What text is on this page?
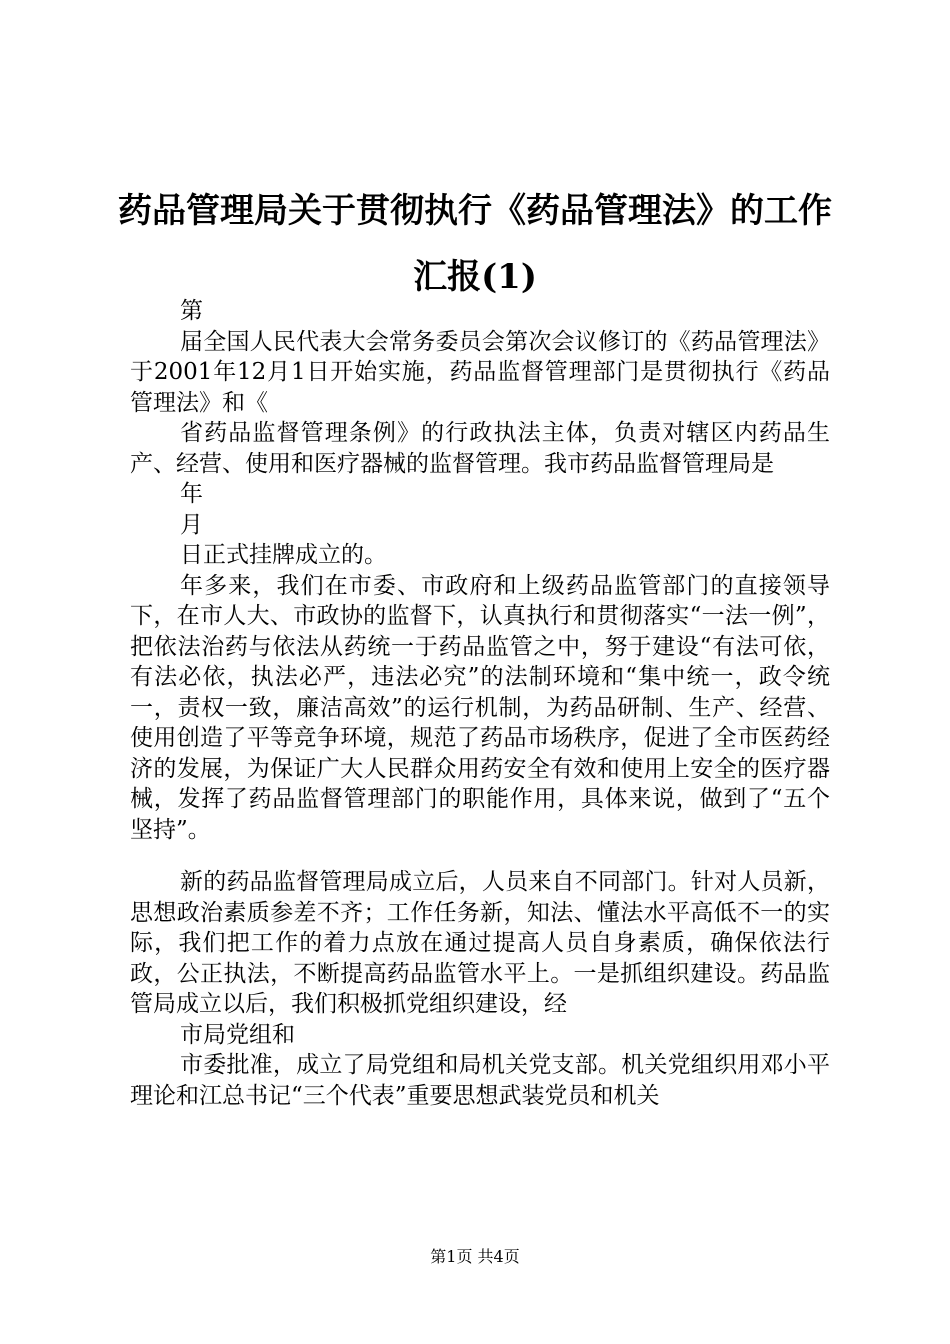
药品管理局关于贯彻执行《药品管理法》的工作汇报(1)

第

届全国人民代表大会常务委员会第次会议修订的《药品管理法》于2001年12月1日开始实施，药品监督管理部门是贯彻执行《药品管理法》和《

省药品监督管理条例》的行政执法主体，负责对辖区内药品生产、经营、使用和医疗器械的监督管理。我市药品监督管理局是

年

月

日正式挂牌成立的。

年多来，我们在市委、市政府和上级药品监管部门的直接领导下，在市人大、市政协的监督下，认真执行和贯彻落实“一法一例”，把依法治药与依法从药统一于药品监管之中，努于建设“有法可依，有法必依，执法必严，违法必究”的法制环境和“集中统一，政令统一，责权一致，廉洁高效”的运行机制，为药品研制、生产、经营、使用创造了平等竞争环境，规范了药品市场秩序，促进了全市医药经济的发展，为保证广大人民群众用药安全有效和使用上安全的医疗器械，发挥了药品监督管理部门的职能作用，具体来说，做到了“五个坚持”。

新的药品监督管理局成立后，人员来自不同部门。针对人员新，思想政治素质参差不齐；工作任务新，知法、懂法水平高低不一的实际，我们把工作的着力点放在通过提高人员自身素质，确保依法行政，公正执法，不断提高药品监管水平上。一是抓组织建设。药品监管局成立以后，我们积极抓党组织建设，经

市局党组和

市委批准，成立了局党组和局机关党支部。机关党组织用邓小平理论和江总书记“三个代表”重要思想武装党员和机关

第1页 共4页
